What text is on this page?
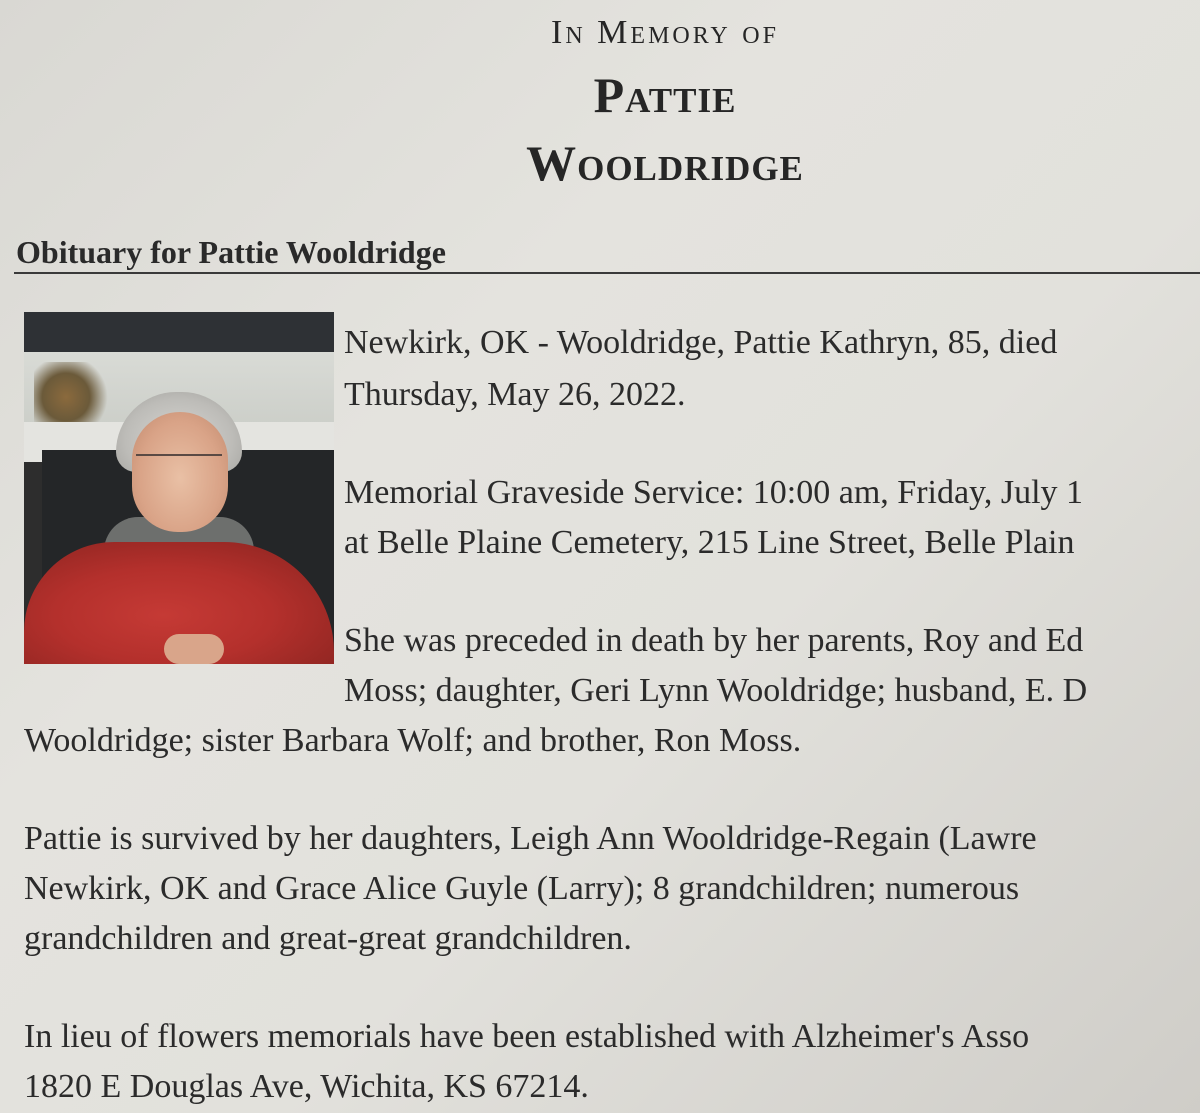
In Memory of
Pattie
Wooldridge
Obituary for Pattie Wooldridge
Newkirk, OK - Wooldridge, Pattie Kathryn, 85, died
Thursday, May 26, 2022.
Memorial Graveside Service: 10:00 am, Friday, July 1
at Belle Plaine Cemetery, 215 Line Street, Belle Plain
She was preceded in death by her parents, Roy and Ed
Moss; daughter, Geri Lynn Wooldridge; husband, E. D
Wooldridge; sister Barbara Wolf; and brother, Ron Moss.
Pattie is survived by her daughters, Leigh Ann Wooldridge-Regain (Lawre
Newkirk, OK and Grace Alice Guyle (Larry); 8 grandchildren; numerous
grandchildren and great-great grandchildren.
In lieu of flowers memorials have been established with Alzheimer's Asso
1820 E Douglas Ave, Wichita, KS 67214.
